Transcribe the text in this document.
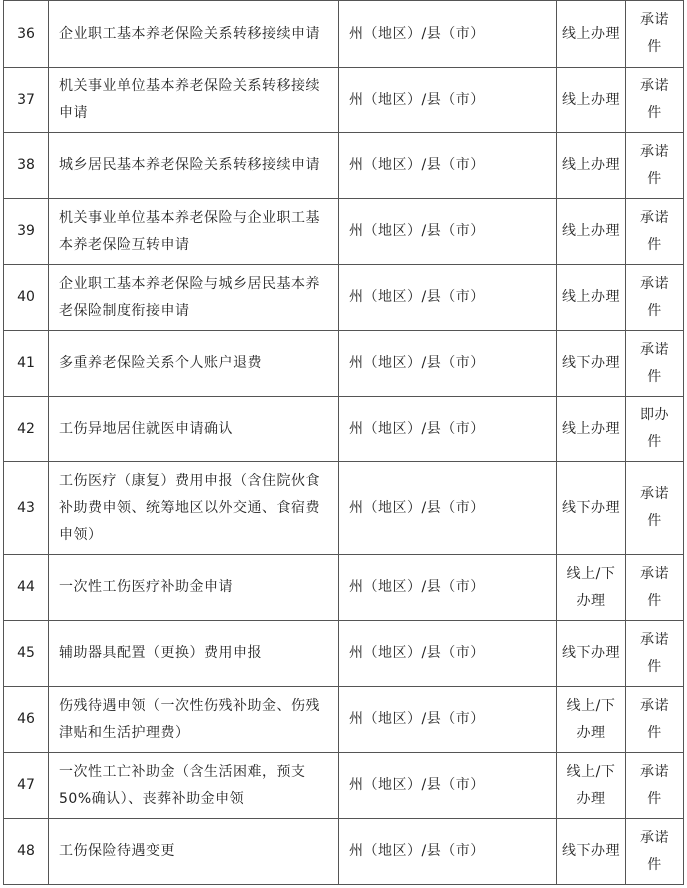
36	企业职工基本养老保险关系转移接续申请	州（地区）/县（市）	线上办理	承诺件
37	机关事业单位基本养老保险关系转移接续申请	州（地区）/县（市）	线上办理	承诺件
38	城乡居民基本养老保险关系转移接续申请	州（地区）/县（市）	线上办理	承诺件
39	机关事业单位基本养老保险与企业职工基本养老保险互转申请	州（地区）/县（市）	线上办理	承诺件
40	企业职工基本养老保险与城乡居民基本养老保险制度衔接申请	州（地区）/县（市）	线上办理	承诺件
41	多重养老保险关系个人账户退费	州（地区）/县（市）	线下办理	承诺件
42	工伤异地居住就医申请确认	州（地区）/县（市）	线上办理	即办件
43	工伤医疗（康复）费用申报（含住院伙食补助费申领、统筹地区以外交通、食宿费申领）	州（地区）/县（市）	线下办理	承诺件
44	一次性工伤医疗补助金申请	州（地区）/县（市）	线上/下办理	承诺件
45	辅助器具配置（更换）费用申报	州（地区）/县（市）	线下办理	承诺件
46	伤残待遇申领（一次性伤残补助金、伤残津贴和生活护理费）	州（地区）/县（市）	线上/下办理	承诺件
47	一次性工亡补助金（含生活困难，预支50%确认）、丧葬补助金申领	州（地区）/县（市）	线上/下办理	承诺件
48	工伤保险待遇变更	州（地区）/县（市）	线下办理	承诺件
